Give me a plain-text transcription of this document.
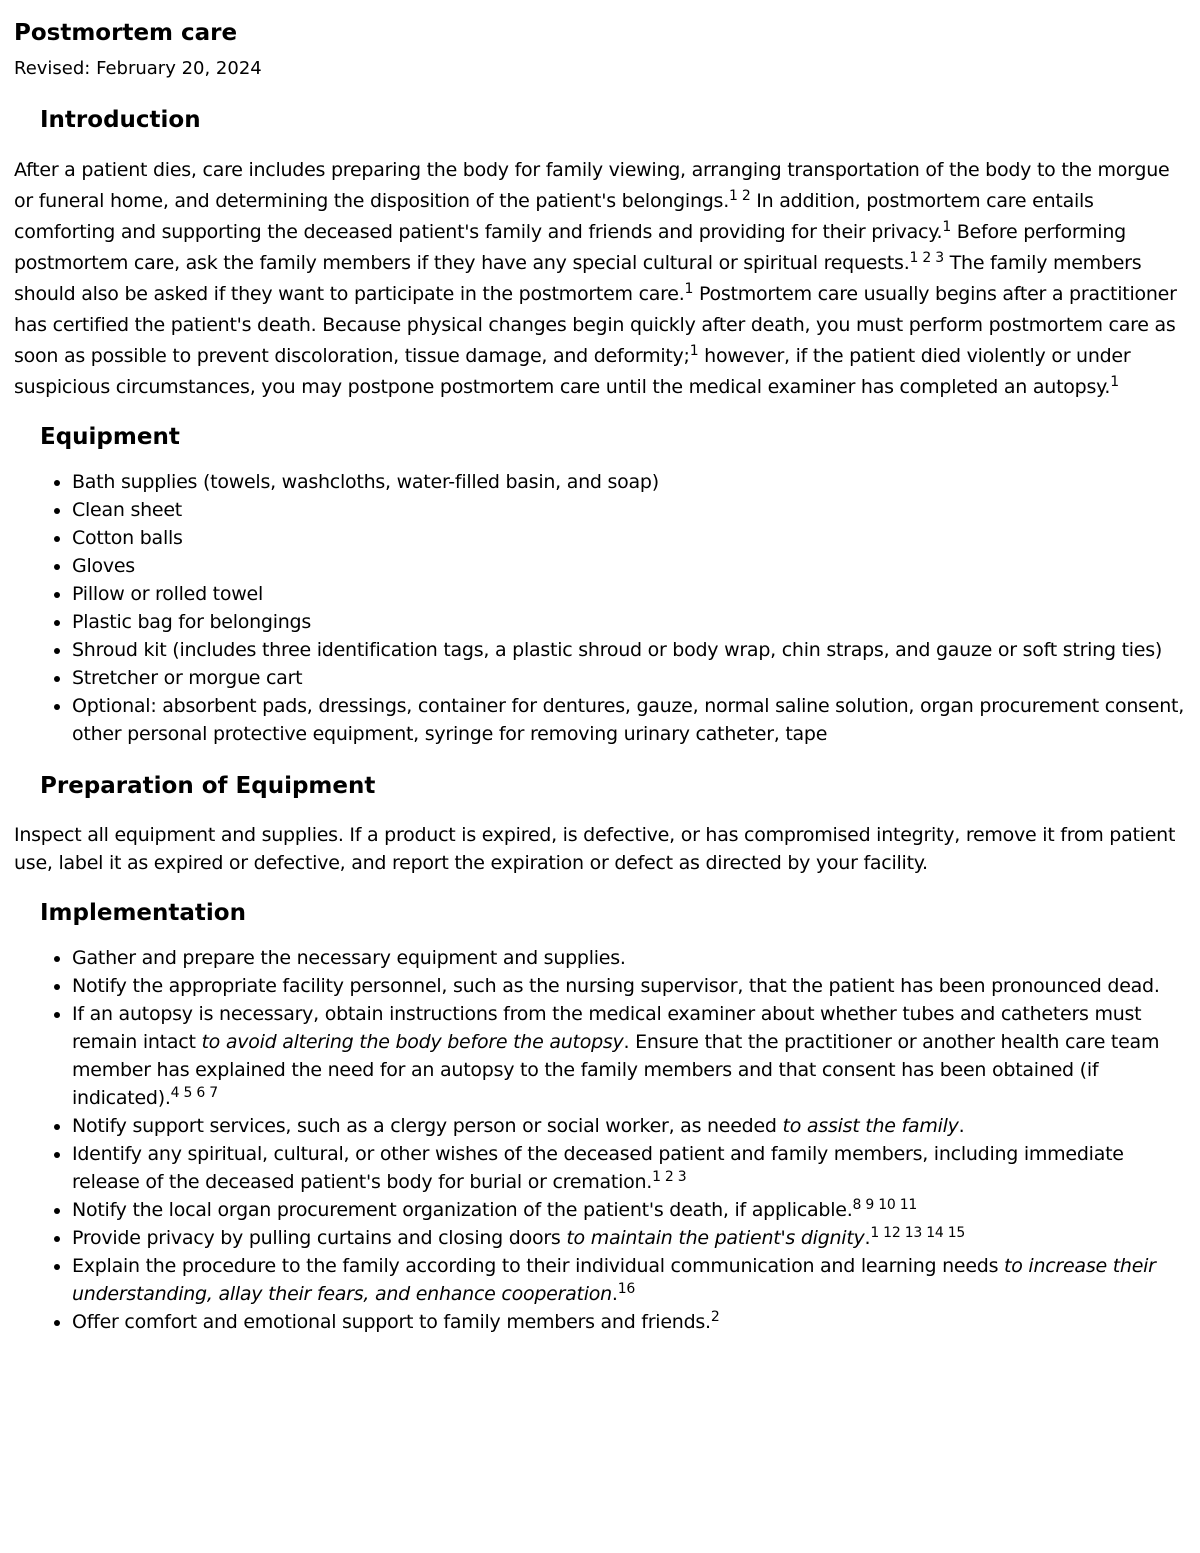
Postmortem care
Revised: February 20, 2024
Introduction

After a patient dies, care includes preparing the body for family viewing, arranging transportation of the body to the morgue or funeral home, and determining the disposition of the patient's belongings.$^{1 2}$ In addition, postmortem care entails comforting and supporting the deceased patient's family and friends and providing for their privacy.$^1$ Before performing postmortem care, ask the family members if they have any special cultural or spiritual requests.$^{1 2 3}$ The family members should also be asked if they want to participate in the postmortem care.$^1$ Postmortem care usually begins after a practitioner has certified the patient's death. Because physical changes begin quickly after death, you must perform postmortem care as soon as possible to prevent discoloration, tissue damage, and deformity;$^1$ however, if the patient died violently or under suspicious circumstances, you may postpone postmortem care until the medical examiner has completed an autopsy.$^1$

Equipment
• Bath supplies (towels, washcloths, water-filled basin, and soap)
• Clean sheet
• Cotton balls
• Gloves
• Pillow or rolled towel
• Plastic bag for belongings
• Shroud kit (includes three identification tags, a plastic shroud or body wrap, chin straps, and gauze or soft string ties)
• Stretcher or morgue cart
• Optional: absorbent pads, dressings, container for dentures, gauze, normal saline solution, organ procurement consent, other personal protective equipment, syringe for removing urinary catheter, tape
Preparation of Equipment

Inspect all equipment and supplies. If a product is expired, is defective, or has compromised integrity, remove it from patient use, label it as expired or defective, and report the expiration or defect as directed by your facility.

Implementation
• Gather and prepare the necessary equipment and supplies.
• Notify the appropriate facility personnel, such as the nursing supervisor, that the patient has been pronounced dead.
• If an autopsy is necessary, obtain instructions from the medical examiner about whether tubes and catheters must remain intact to avoid altering the body before the autopsy. Ensure that the practitioner or another health care team member has explained the need for an autopsy to the family members and that consent has been obtained (if indicated).$^{4 5 6 7}$
• Notify support services, such as a clergy person or social worker, as needed to assist the family.
• Identify any spiritual, cultural, or other wishes of the deceased patient and family members, including immediate release of the deceased patient's body for burial or cremation.$^{1 2 3}$
• Notify the local organ procurement organization of the patient's death, if applicable.$^{8 9 10 11}$
• Provide privacy by pulling curtains and closing doors to maintain the patient's dignity.$^{1 12 13 14 15}$
• Explain the procedure to the family according to their individual communication and learning needs to increase their understanding, allay their fears, and enhance cooperation.$^{16}$
• Offer comfort and emotional support to family members and friends.$^2$
